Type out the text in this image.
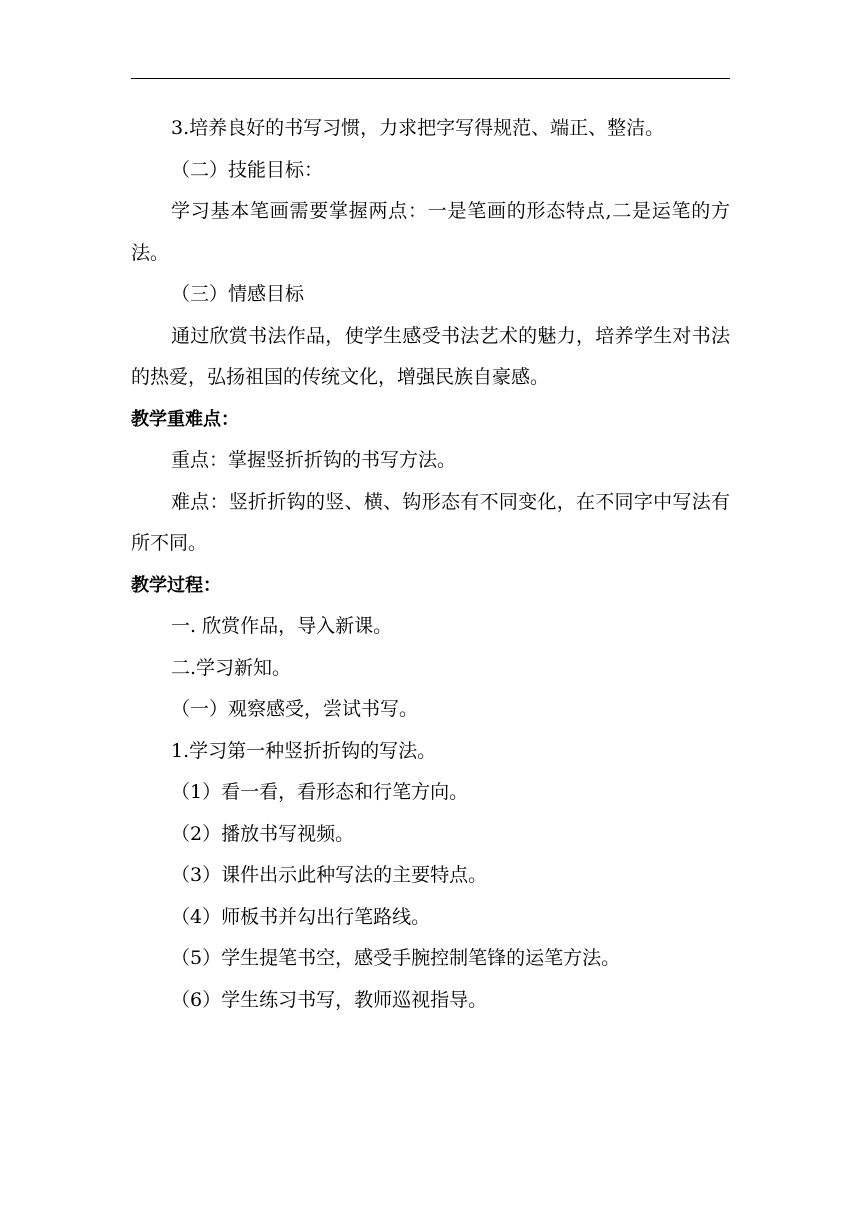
3.培养良好的书写习惯，力求把字写得规范、端正、整洁。
（二）技能目标：

学习基本笔画需要掌握两点：一是笔画的形态特点,二是运笔的方法。

（三）情感目标

通过欣赏书法作品，使学生感受书法艺术的魅力，培养学生对书法的热爱，弘扬祖国的传统文化，增强民族自豪感。

教学重难点：
重点：掌握竖折折钩的书写方法。

难点：竖折折钩的竖、横、钩形态有不同变化，在不同字中写法有所不同。

教学过程：
一. 欣赏作品，导入新课。
二.学习新知。
（一）观察感受，尝试书写。
1.学习第一种竖折折钩的写法。
（1）看一看，看形态和行笔方向。
（2）播放书写视频。
（3）课件出示此种写法的主要特点。
（4）师板书并勾出行笔路线。
（5）学生提笔书空，感受手腕控制笔锋的运笔方法。
（6）学生练习书写，教师巡视指导。
